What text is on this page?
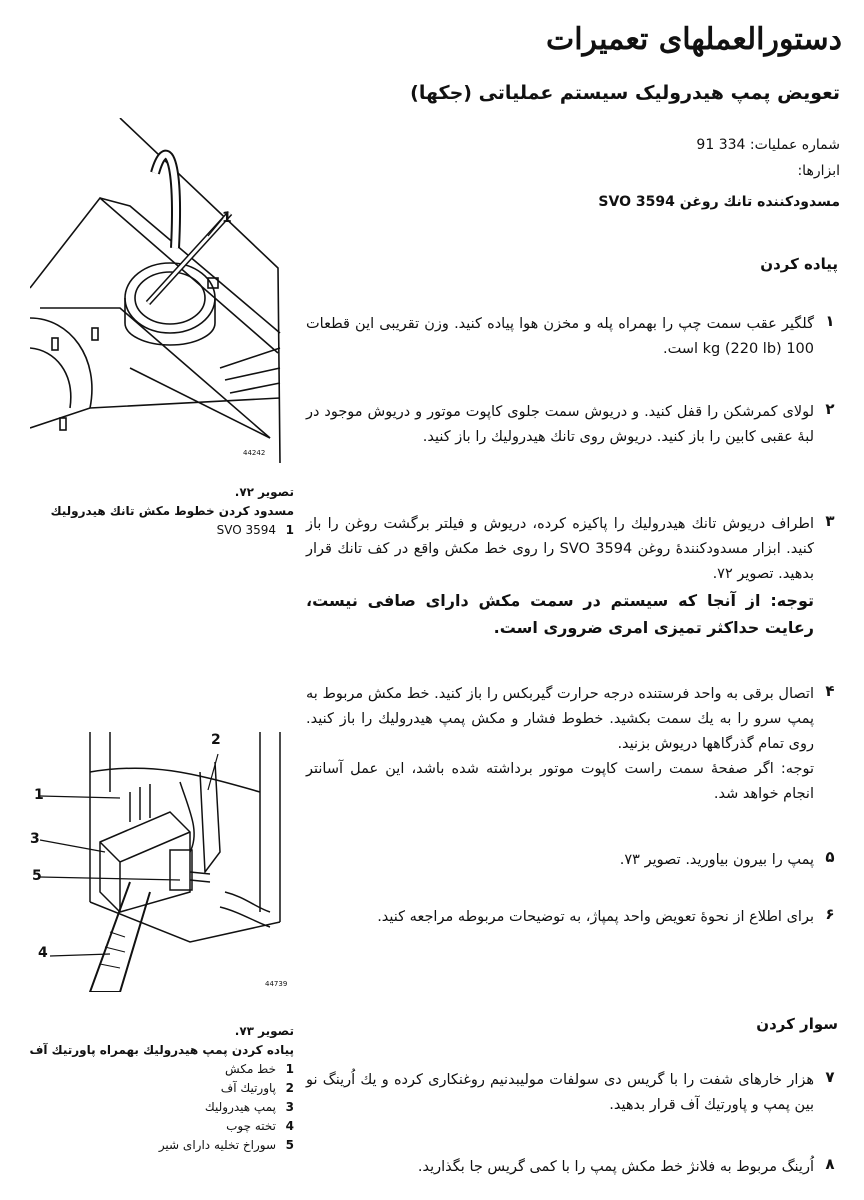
دستورالعملهای تعمیرات
تعویض پمپ هیدرولیک سیستم عملیاتی (جکها)
شماره عملیات: 334 91
ابزارها:
مسدودکننده تانك روغن SVO 3594
پیاده کردن
۱
گلگیر عقب سمت چپ را بهمراه پله و مخزن هوا پیاده کنید. وزن تقریبی این قطعات 100 kg (220 lb) است.
۲
لولای کمرشکن را قفل کنید. و دریوش سمت جلوی کاپوت موتور و دریوش موجود در لبهٔ عقبی کابین را باز کنید. دریوش روی تانك هیدرولیك را باز کنید.
۳
اطراف دریوش تانك هیدرولیك را پاکیزه کرده، دریوش و فیلتر برگشت روغن را باز کنید. ابزار مسدودکنندهٔ روغن SVO 3594 را روی خط مکش واقع در کف تانك قرار بدهید. تصویر ۷۲.
توجه: از آنجا که سیستم در سمت مکش دارای صافی نیست، رعایت حداکثر تمیزی امری ضروری است.
۴
اتصال برقی به واحد فرستنده درجه حرارت گیربکس را باز کنید. خط مکش مربوط به پمپ سرو را به یك سمت بکشید. خطوط فشار و مکش پمپ هیدرولیك را باز کنید. روی تمام گذرگاهها دریوش بزنید.
توجه: اگر صفحهٔ سمت راست کاپوت موتور برداشته شده باشد، این عمل آسانتر انجام خواهد شد.
۵
پمپ را بیرون بیاورید. تصویر ۷۳.
۶
برای اطلاع از نحوهٔ تعویض واحد پمپاژ، به توضیحات مربوطه مراجعه کنید.
سوار کردن
۷
هزار خارهای شفت را با گریس دی سولفات مولیبدنیم روغنکاری کرده و یك اُرینگ نو بین پمپ و پاورتیك آف قرار بدهید.
۸
اُرینگ مربوط به فلانژ خط مکش پمپ را با کمی گریس جا بگذارید.
1
44242
تصویر ۷۲.
مسدود کردن خطوط مکش تانك هیدرولیك
1
SVO 3594
1
2
3
4
5
44739
تصویر ۷۳.
پیاده کردن پمپ هیدرولیك بهمراه پاورتیك آف
1
خط مکش
2
پاورتیك آف
3
پمپ هیدرولیك
4
تخته چوب
5
سوراخ تخلیه دارای شیر
